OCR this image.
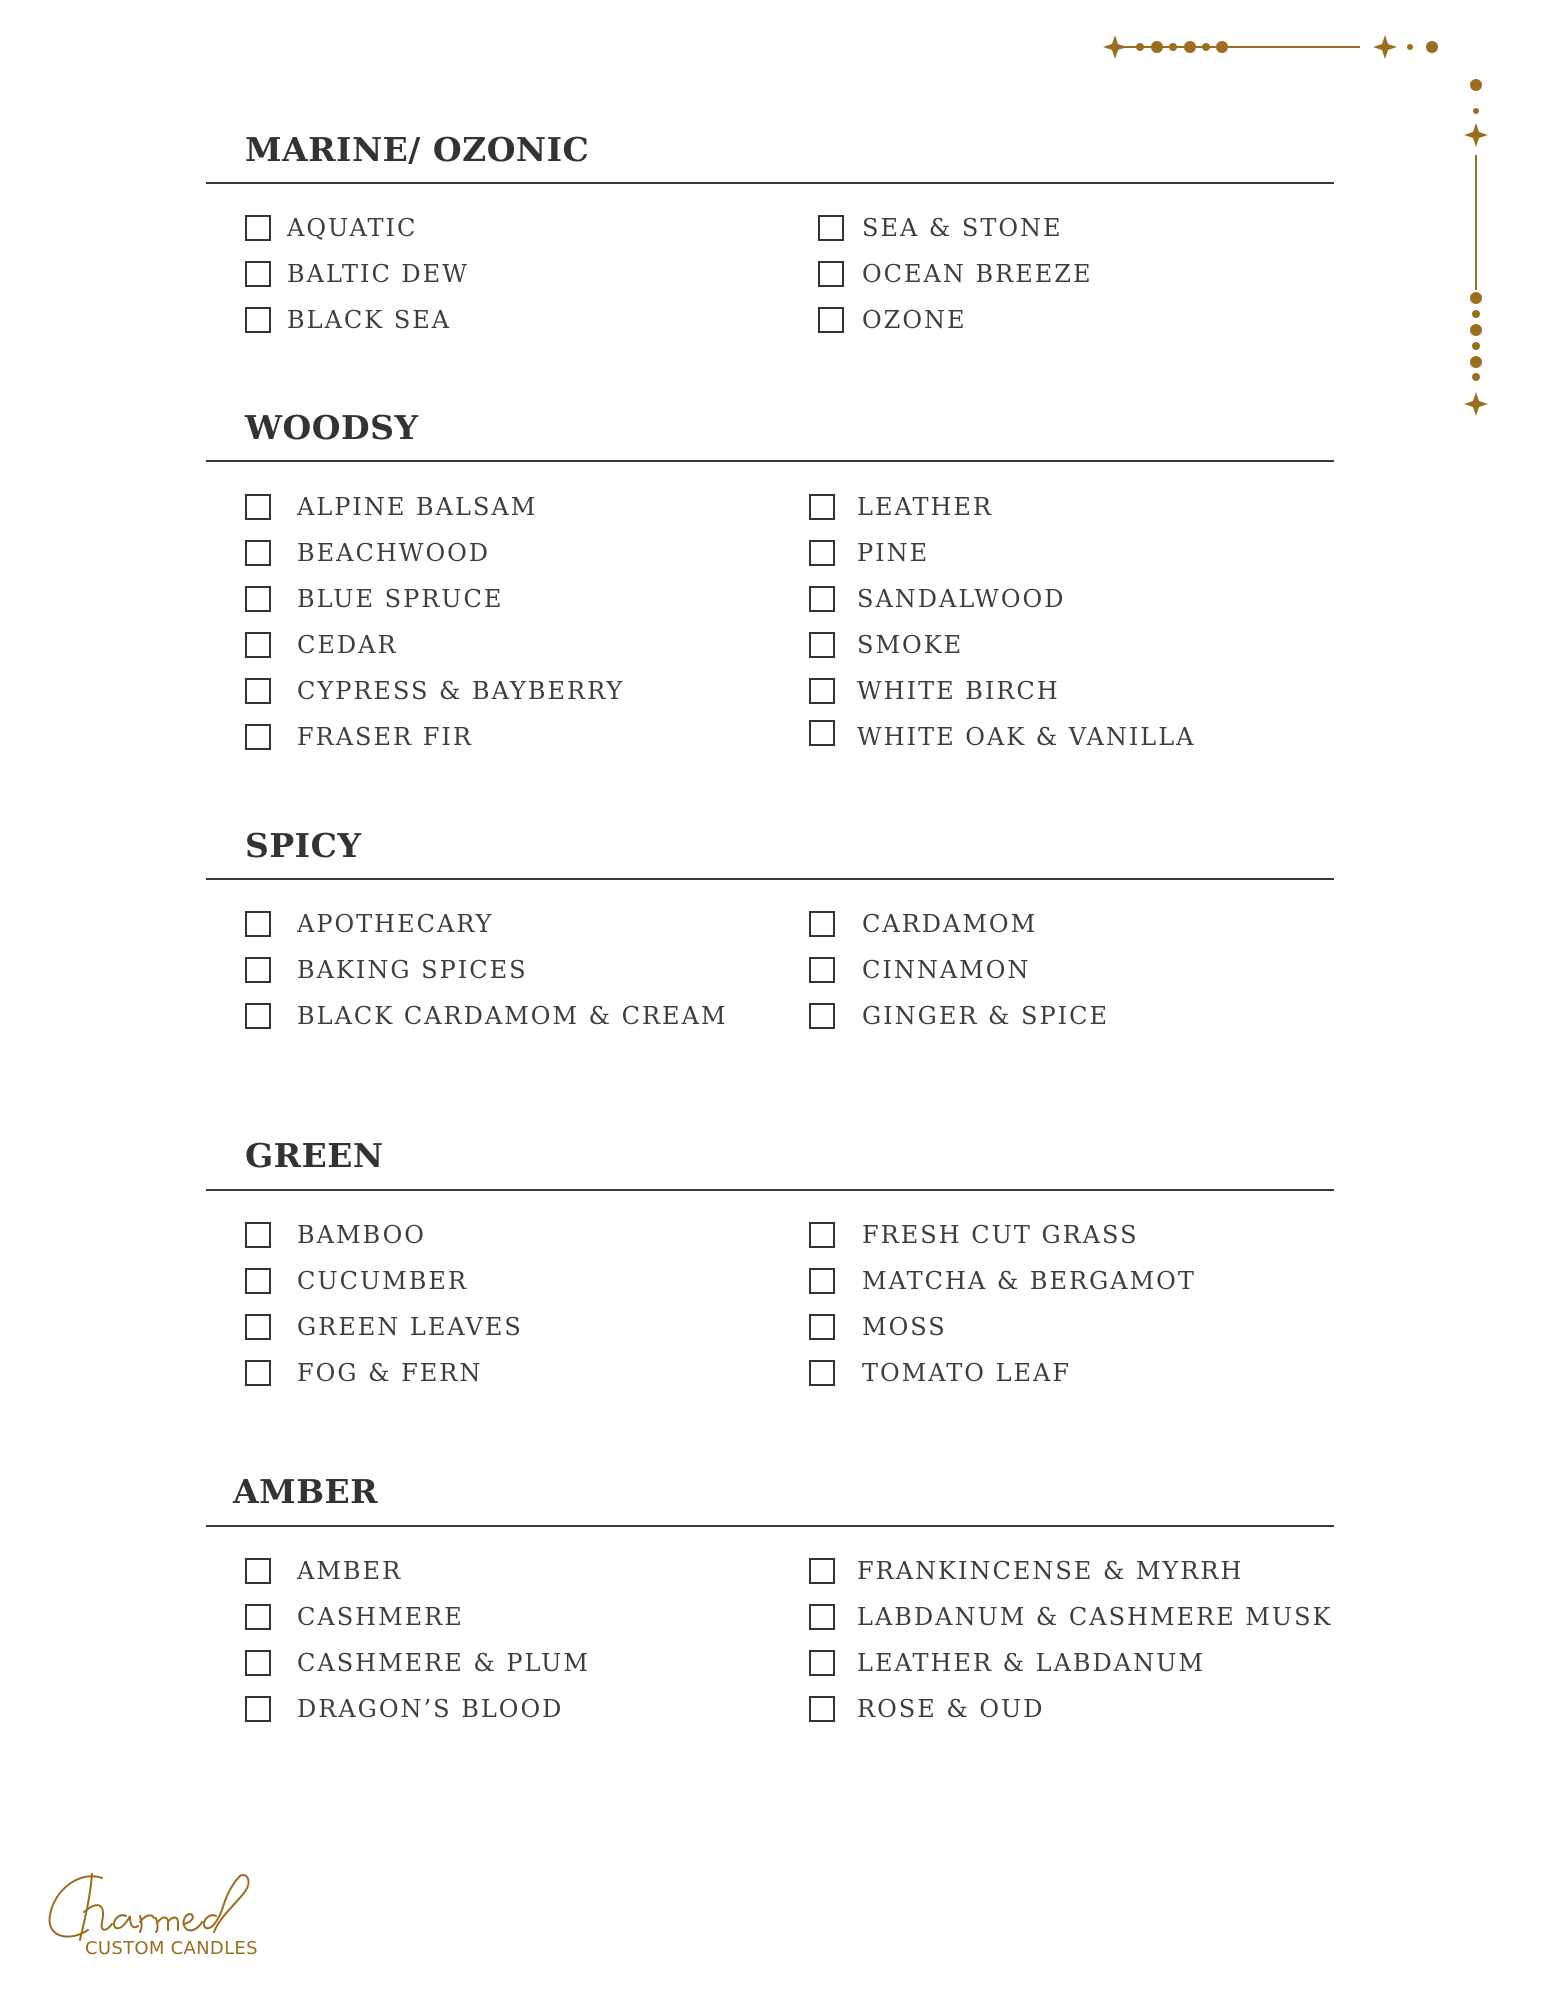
MARINE/ OZONIC
AQUATIC
BALTIC DEW
BLACK SEA
SEA & STONE
OCEAN BREEZE
OZONE
WOODSY
ALPINE BALSAM
BEACHWOOD
BLUE SPRUCE
CEDAR
CYPRESS & BAYBERRY
FRASER FIR
LEATHER
PINE
SANDALWOOD
SMOKE
WHITE BIRCH
WHITE OAK & VANILLA
SPICY
APOTHECARY
BAKING SPICES
BLACK CARDAMOM & CREAM
CARDAMOM
CINNAMON
GINGER & SPICE
GREEN
BAMBOO
CUCUMBER
GREEN LEAVES
FOG & FERN
FRESH CUT GRASS
MATCHA & BERGAMOT
MOSS
TOMATO LEAF
AMBER
AMBER
CASHMERE
CASHMERE & PLUM
DRAGON’S BLOOD
FRANKINCENSE & MYRRH
LABDANUM & CASHMERE MUSK
LEATHER & LABDANUM
ROSE & OUD
CUSTOM CANDLES
